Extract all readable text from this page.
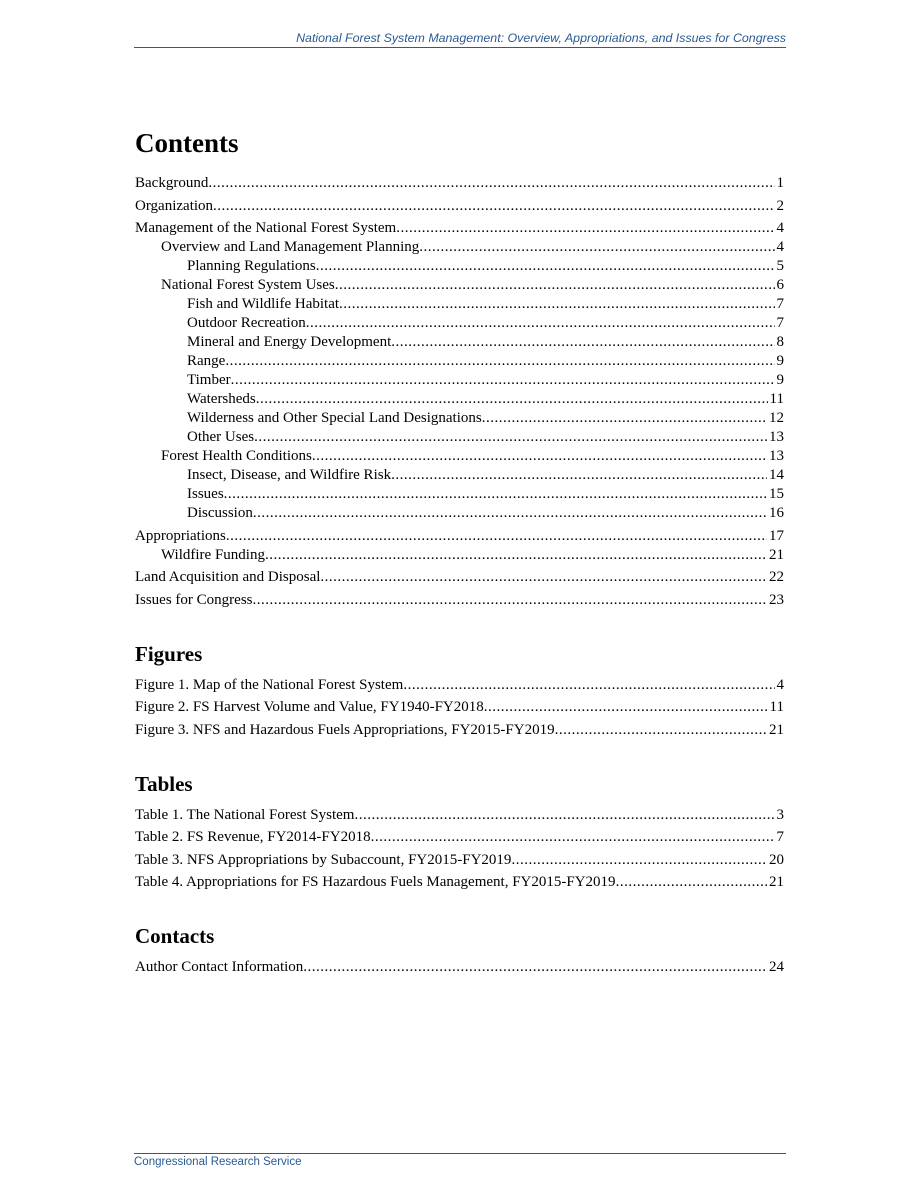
National Forest System Management: Overview, Appropriations, and Issues for Congress
Contents
Background .....	1
Organization .....	2
Management of the National Forest System .....	4
Overview and Land Management Planning .....	4
Planning Regulations .....	5
National Forest System Uses .....	6
Fish and Wildlife Habitat .....	7
Outdoor Recreation .....	7
Mineral and Energy Development .....	8
Range .....	9
Timber .....	9
Watersheds .....	11
Wilderness and Other Special Land Designations .....	12
Other Uses .....	13
Forest Health Conditions .....	13
Insect, Disease, and Wildfire Risk .....	14
Issues .....	15
Discussion .....	16
Appropriations .....	17
Wildfire Funding .....	21
Land Acquisition and Disposal .....	22
Issues for Congress .....	23
Figures
Figure 1. Map of the National Forest System .....	4
Figure 2. FS Harvest Volume and Value, FY1940-FY2018 .....	11
Figure 3. NFS and Hazardous Fuels Appropriations, FY2015-FY2019 .....	21
Tables
Table 1. The National Forest System .....	3
Table 2. FS Revenue, FY2014-FY2018 .....	7
Table 3. NFS Appropriations by Subaccount, FY2015-FY2019 .....	20
Table 4. Appropriations for FS Hazardous Fuels Management, FY2015-FY2019 .....	21
Contacts
Author Contact Information .....	24
Congressional Research Service
